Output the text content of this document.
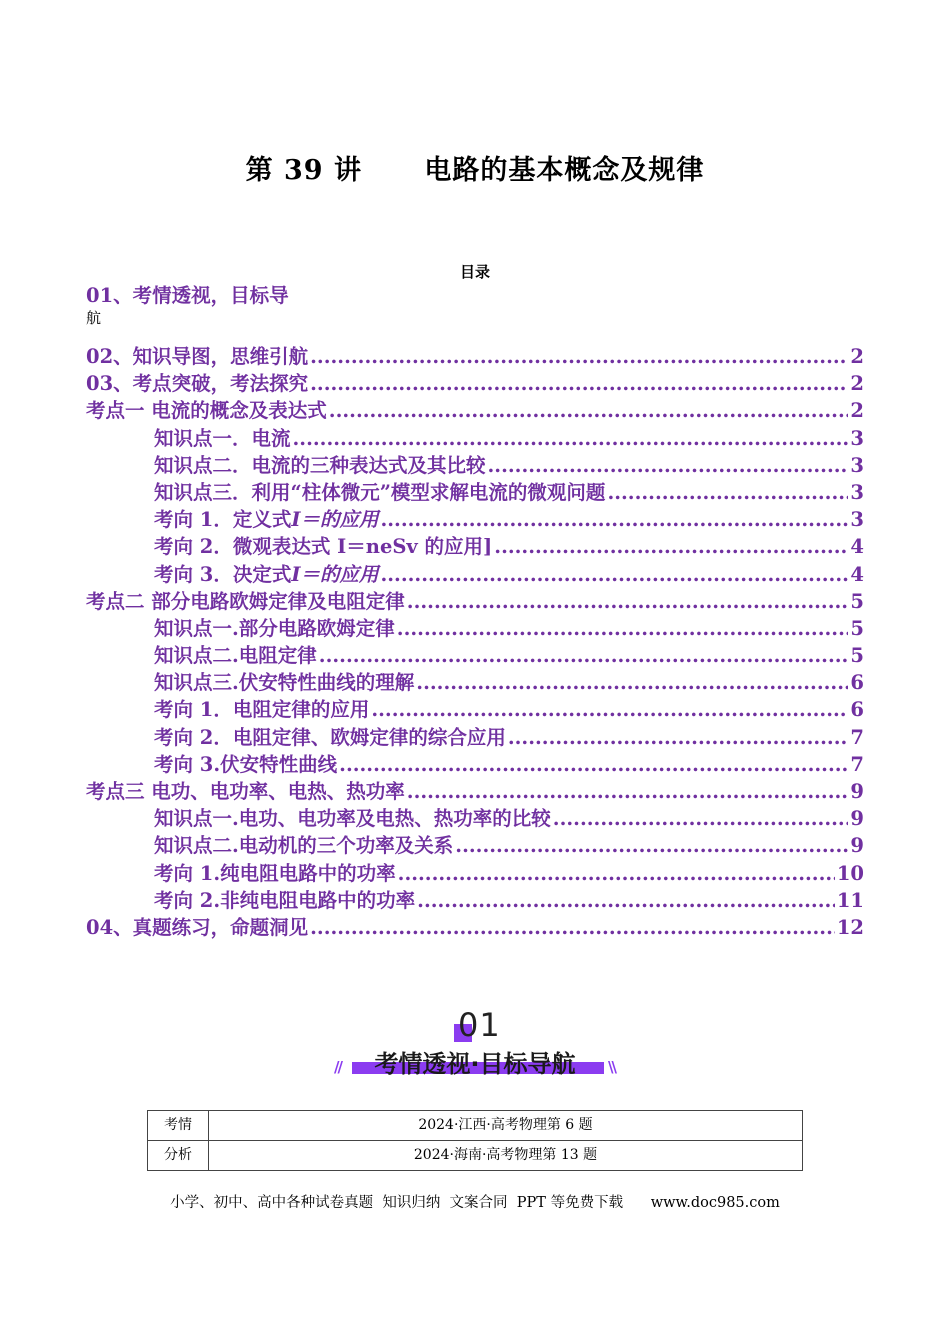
第 39 讲      电路的基本概念及规律
目录
01、考情透视，目标导
航
02、知识导图，思维引航 .....	2
03、考点突破，考法探究 .....	2
考点一 电流的概念及表达式 .....	2
知识点一．电流 .....	3
知识点二．电流的三种表达式及其比较 .....	3
知识点三．利用“柱体微元”模型求解电流的微观问题 .....	3
考向 1．定义式 I＝的应用 .....	3
考向 2．微观表达式 I＝neSv 的应用] .....	4
考向 3．决定式 I＝的应用 .....	4
考点二 部分电路欧姆定律及电阻定律 .....	5
知识点一.部分电路欧姆定律 .....	5
知识点二.电阻定律 .....	5
知识点三.伏安特性曲线的理解 .....	6
考向 1．电阻定律的应用 .....	6
考向 2．电阻定律、欧姆定律的综合应用 .....	7
考向 3.伏安特性曲线 .....	7
考点三 电功、电功率、电热、热功率 .....	9
知识点一.电功、电功率及电热、热功率的比较 .....	9
知识点二.电动机的三个功率及关系 .....	9
考向 1.纯电阻电路中的功率 .....	10
考向 2.非纯电阻电路中的功率 .....	11
04、真题练习，命题洞见 .....	12
01
//	考情透视·目标导航	\\
考情	2024·江西·高考物理第 6 题
分析	2024·海南·高考物理第 13 题
小学、初中、高中各种试卷真题  知识归纳  文案合同  PPT 等免费下载      www.doc985.com
